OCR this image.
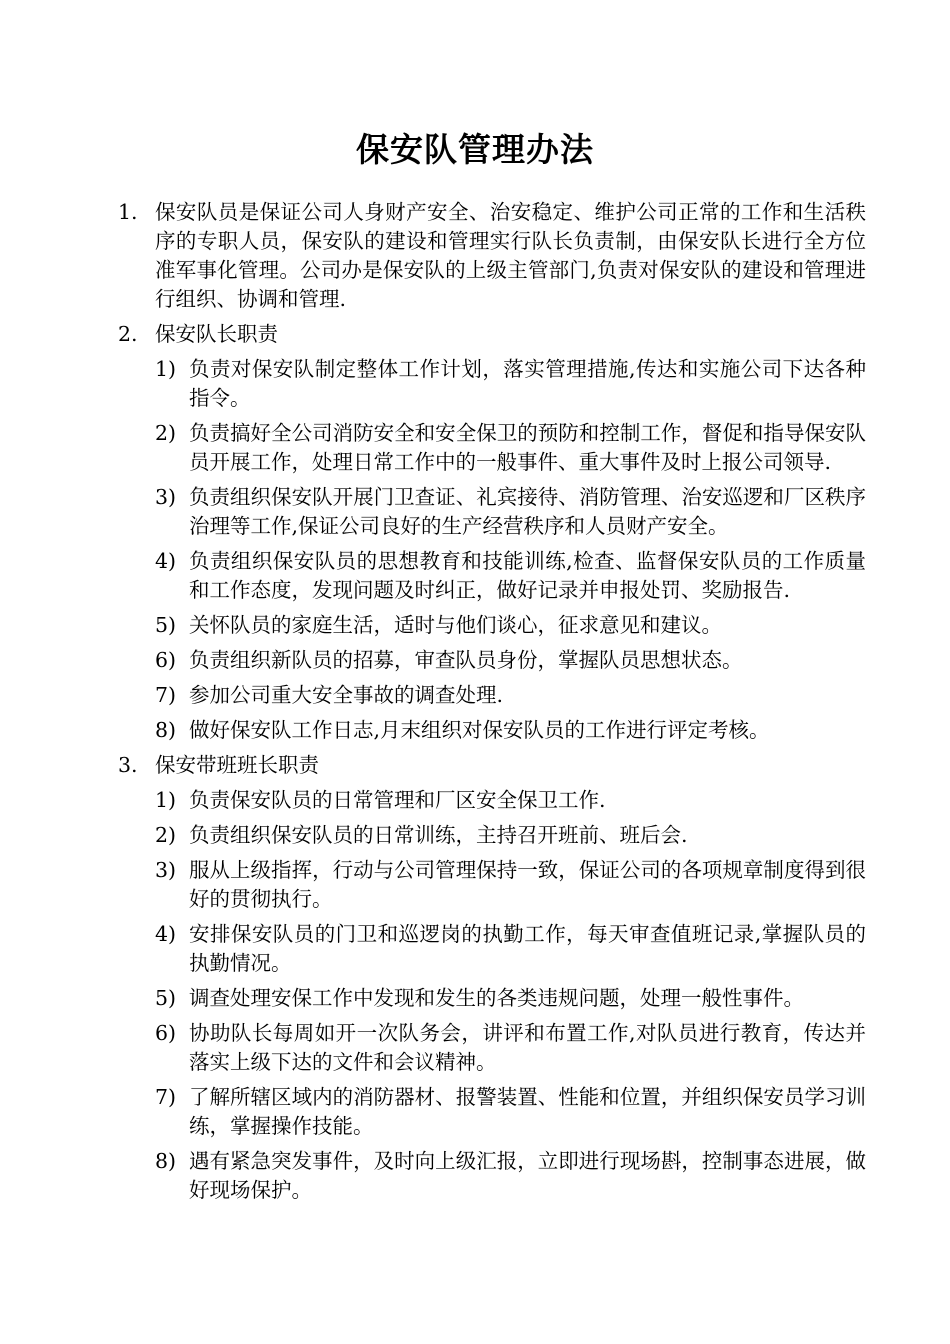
保安队管理办法
1. 保安队员是保证公司人身财产安全、治安稳定、维护公司正常的工作和生活秩序的专职人员，保安队的建设和管理实行队长负责制，由保安队长进行全方位准军事化管理。公司办是保安队的上级主管部门,负责对保安队的建设和管理进行组织、协调和管理.
2. 保安队长职责
1) 负责对保安队制定整体工作计划，落实管理措施,传达和实施公司下达各种指令。
2) 负责搞好全公司消防安全和安全保卫的预防和控制工作，督促和指导保安队员开展工作，处理日常工作中的一般事件、重大事件及时上报公司领导.
3) 负责组织保安队开展门卫查证、礼宾接待、消防管理、治安巡逻和厂区秩序治理等工作,保证公司良好的生产经营秩序和人员财产安全。
4) 负责组织保安队员的思想教育和技能训练,检查、监督保安队员的工作质量和工作态度，发现问题及时纠正，做好记录并申报处罚、奖励报告.
5) 关怀队员的家庭生活，适时与他们谈心，征求意见和建议。
6) 负责组织新队员的招募，审查队员身份，掌握队员思想状态。
7) 参加公司重大安全事故的调查处理.
8) 做好保安队工作日志,月末组织对保安队员的工作进行评定考核。
3. 保安带班班长职责
1) 负责保安队员的日常管理和厂区安全保卫工作.
2) 负责组织保安队员的日常训练，主持召开班前、班后会.
3) 服从上级指挥，行动与公司管理保持一致，保证公司的各项规章制度得到很好的贯彻执行。
4) 安排保安队员的门卫和巡逻岗的执勤工作，每天审查值班记录,掌握队员的执勤情况。
5) 调查处理安保工作中发现和发生的各类违规问题，处理一般性事件。
6) 协助队长每周如开一次队务会，讲评和布置工作,对队员进行教育，传达并落实上级下达的文件和会议精神。
7) 了解所辖区域内的消防器材、报警装置、性能和位置，并组织保安员学习训练，掌握操作技能。
8) 遇有紧急突发事件，及时向上级汇报，立即进行现场斟，控制事态进展，做好现场保护。
